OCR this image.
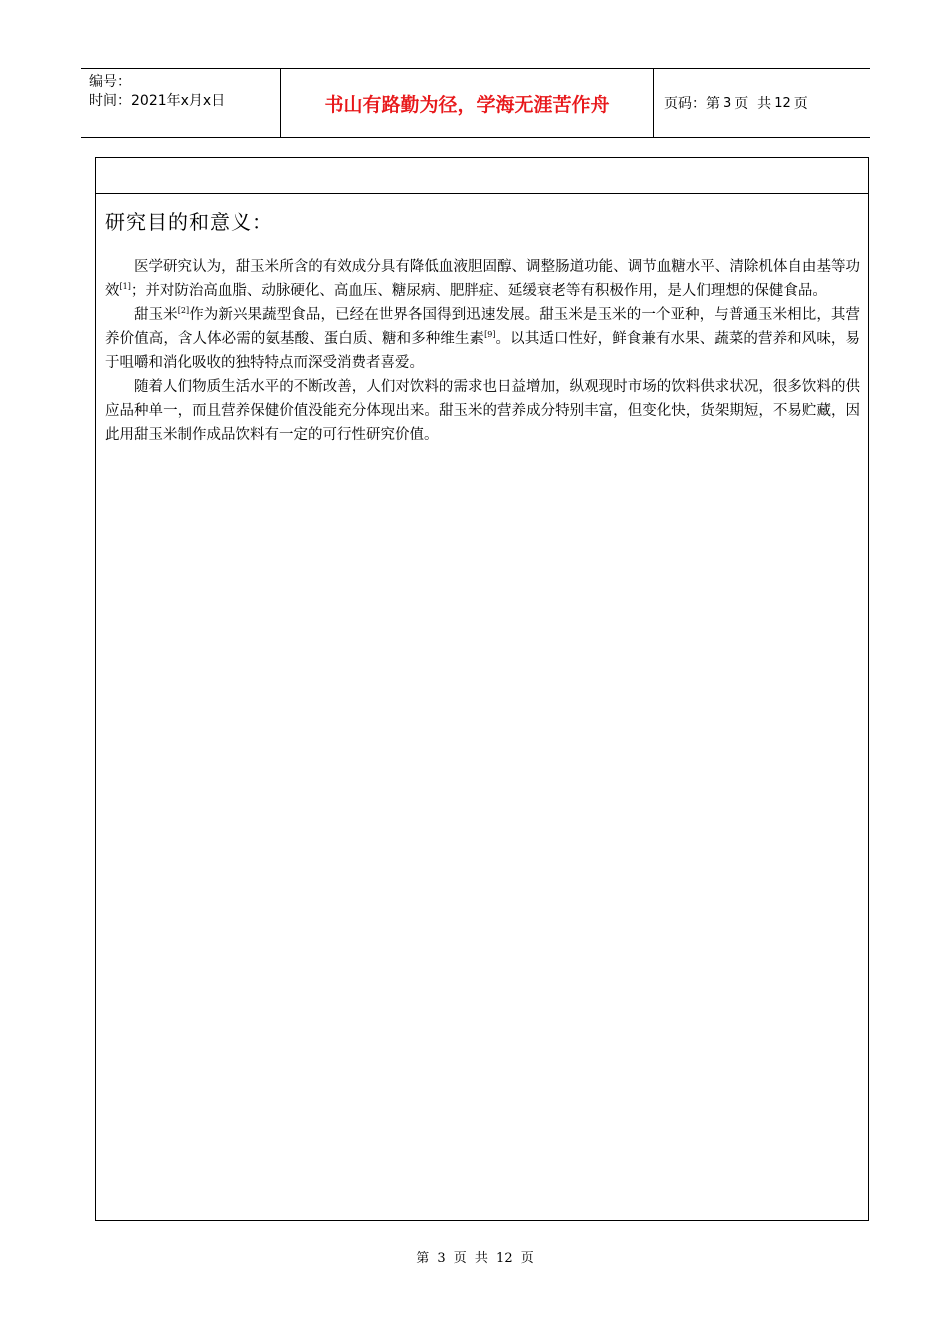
编号：
时间：2021年x月x日	书山有路勤为径，学海无涯苦作舟	页码：第 3 页  共 12 页
研究目的和意义：

医学研究认为，甜玉米所含的有效成分具有降低血液胆固醇、调整肠道功能、调节血糖水平、清除机体自由基等功效[1]；并对防治高血脂、动脉硬化、高血压、糖尿病、肥胖症、延缓衰老等有积极作用，是人们理想的保健食品。

甜玉米[2]作为新兴果蔬型食品，已经在世界各国得到迅速发展。甜玉米是玉米的一个亚种，与普通玉米相比，其营养价值高，含人体必需的氨基酸、蛋白质、糖和多种维生素[9]。以其适口性好，鲜食兼有水果、蔬菜的营养和风味，易于咀嚼和消化吸收的独特特点而深受消费者喜爱。

随着人们物质生活水平的不断改善，人们对饮料的需求也日益增加，纵观现时市场的饮料供求状况，很多饮料的供应品种单一，而且营养保健价值没能充分体现出来。甜玉米的营养成分特别丰富，但变化快，货架期短，不易贮藏，因此用甜玉米制作成品饮料有一定的可行性研究价值。

第 3 页 共 12 页
